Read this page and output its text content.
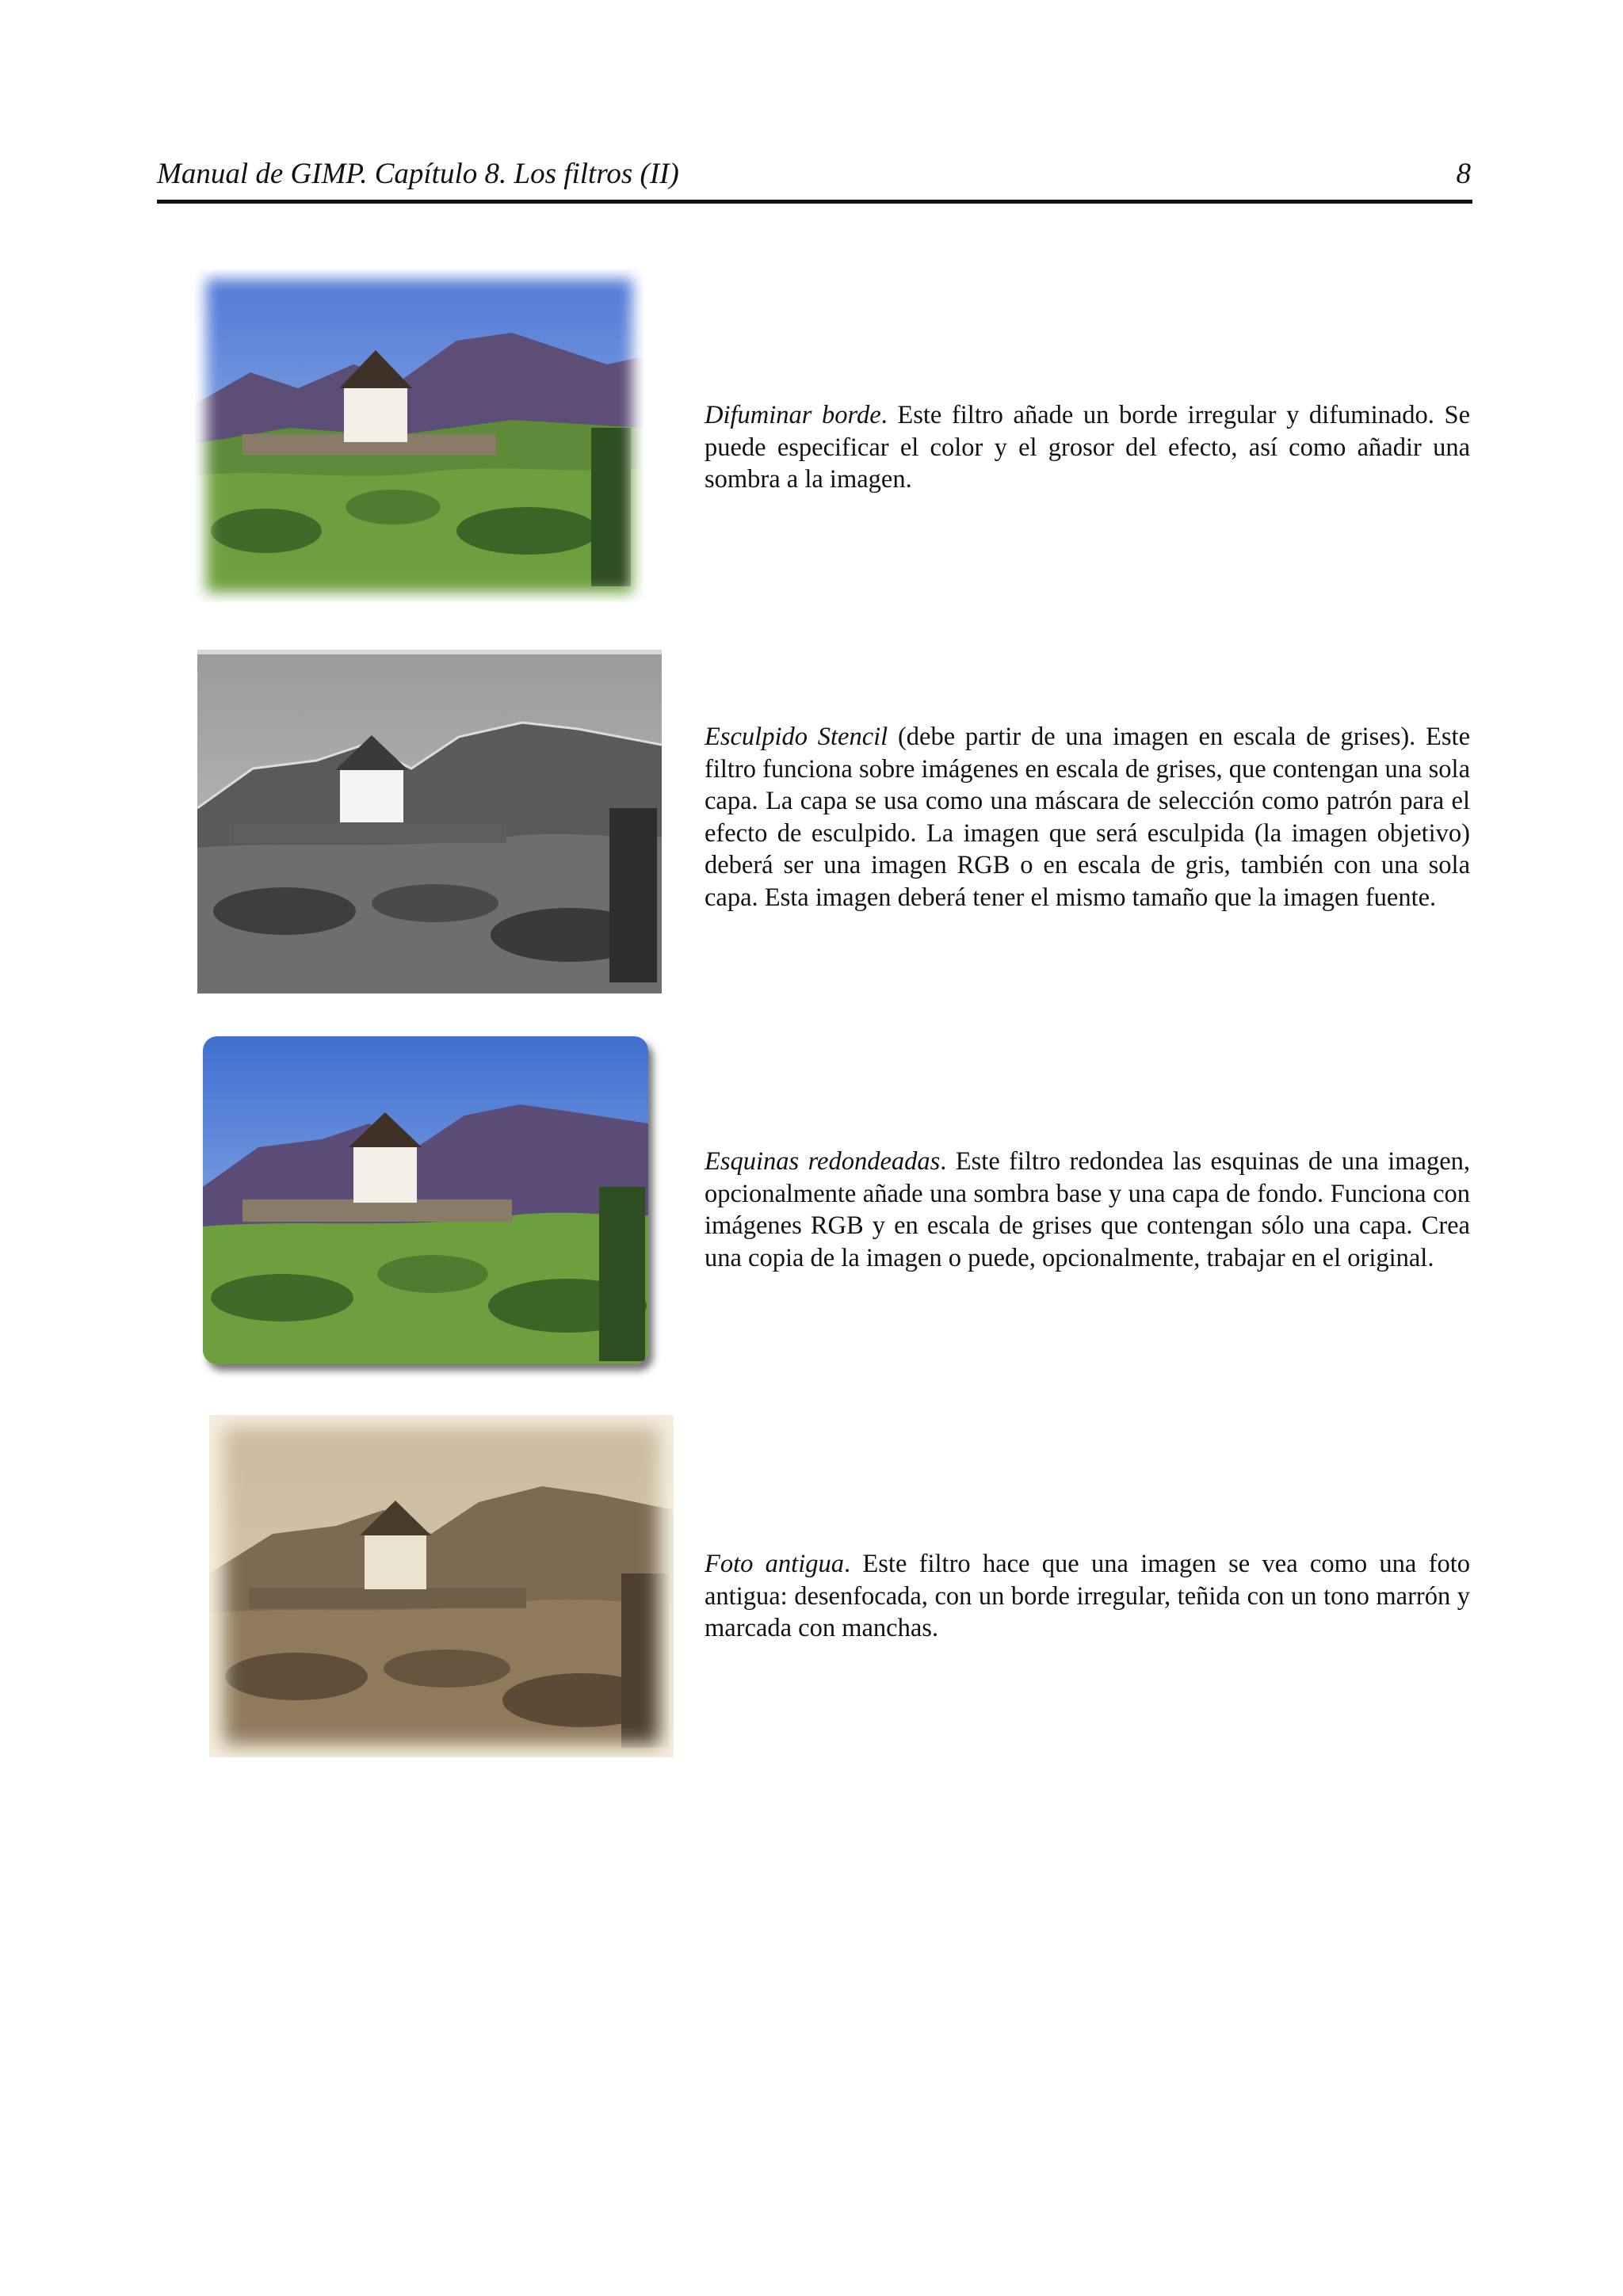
Manual de GIMP. Capítulo 8. Los filtros (II)	8
Difuminar borde. Este filtro añade un borde irregular y difuminado. Se puede especificar el color y el grosor del efecto, así como añadir una sombra a la imagen.
Esculpido Stencil (debe partir de una imagen en escala de grises). Este filtro funciona sobre imágenes en escala de grises, que contengan una sola capa. La capa se usa como una máscara de selección como patrón para el efecto de esculpido. La imagen que será esculpida (la imagen objetivo) deberá ser una imagen RGB o en escala de gris, también con una sola capa. Esta imagen deberá tener el mismo tamaño que la imagen fuente.
Esquinas redondeadas. Este filtro redondea las esquinas de una imagen, opcionalmente añade una sombra base y una capa de fondo. Funciona con imágenes RGB y en escala de grises que contengan sólo una capa. Crea una copia de la imagen o puede, opcionalmente, trabajar en el original.
Foto antigua. Este filtro hace que una imagen se vea como una foto antigua: desenfocada, con un borde irregular, teñida con un tono marrón y marcada con manchas.
